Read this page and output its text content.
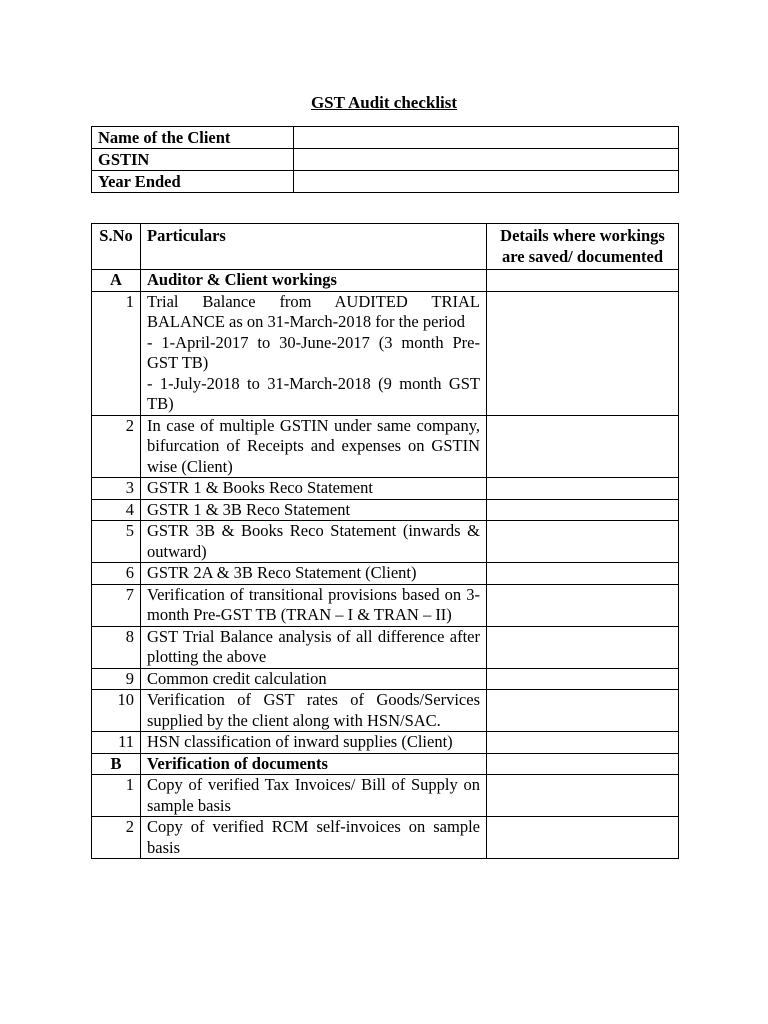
GST Audit checklist
Name of the Client	
GSTIN	
Year Ended	
S.No	Particulars	Details where workings are saved/ documented
A	Auditor & Client workings	
1	Trial Balance from AUDITED TRIAL BALANCE as on 31-March-2018 for the period
- 1-April-2017 to 30-June-2017 (3 month Pre-GST TB)
- 1-July-2018 to 31-March-2018 (9 month GST TB)	

2	In case of multiple GSTIN under same company, bifurcation of Receipts and expenses on GSTIN wise (Client)	

3	GSTR 1 & Books Reco Statement	

4	GSTR 1 & 3B Reco Statement	

5	GSTR 3B & Books Reco Statement (inwards & outward)	

6	GSTR 2A & 3B Reco Statement (Client)	

7	Verification of transitional provisions based on 3-month Pre-GST TB (TRAN – I & TRAN – II)	

8	GST Trial Balance analysis of all difference after plotting the above	

9	Common credit calculation	

10	Verification of GST rates of Goods/Services supplied by the client along with HSN/SAC.	

11	HSN classification of inward supplies (Client)	

B	Verification of documents	
1	Copy of verified Tax Invoices/ Bill of Supply on sample basis	

2	Copy of verified RCM self-invoices on sample basis	
